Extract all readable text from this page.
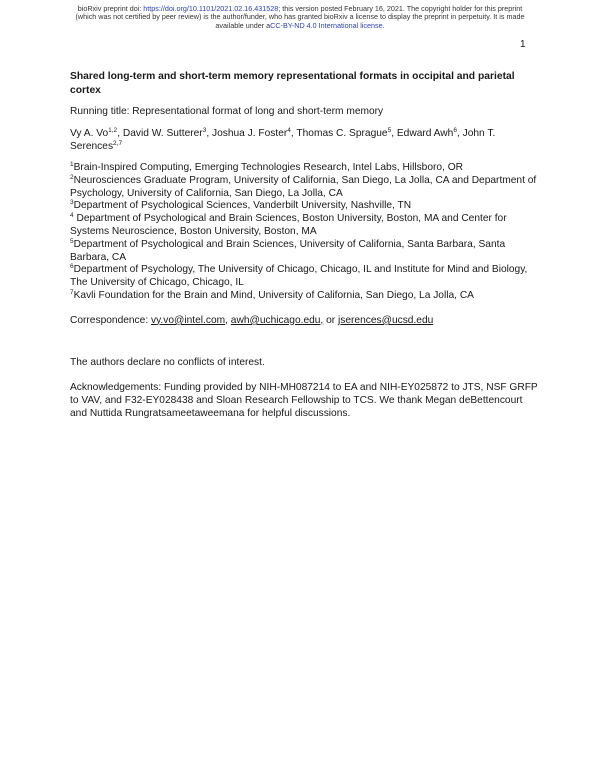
bioRxiv preprint doi: https://doi.org/10.1101/2021.02.16.431528; this version posted February 16, 2021. The copyright holder for this preprint
(which was not certified by peer review) is the author/funder, who has granted bioRxiv a license to display the preprint in perpetuity. It is made
available under aCC-BY-ND 4.0 International license.
1

Shared long-term and short-term memory representational formats in occipital and parietal cortex

Running title: Representational format of long and short-term memory

Vy A. Vo$^{1,2}$, David W. Sutterer$^3$, Joshua J. Foster$^4$, Thomas C. Sprague$^5$, Edward Awh$^6$, John T. Serences$^{2,7}$

$^1$Brain-Inspired Computing, Emerging Technologies Research, Intel Labs, Hillsboro, OR

$^2$Neurosciences Graduate Program, University of California, San Diego, La Jolla, CA and Department of Psychology, University of California, San Diego, La Jolla, CA

$^3$Department of Psychological Sciences, Vanderbilt University, Nashville, TN

$^4$ Department of Psychological and Brain Sciences, Boston University, Boston, MA and Center for Systems Neuroscience, Boston University, Boston, MA

$^5$Department of Psychological and Brain Sciences, University of California, Santa Barbara, Santa Barbara, CA

$^6$Department of Psychology, The University of Chicago, Chicago, IL and Institute for Mind and Biology, The University of Chicago, Chicago, IL

$^7$Kavli Foundation for the Brain and Mind, University of California, San Diego, La Jolla, CA

Correspondence: vy.vo@intel.com, awh@uchicago.edu, or jserences@ucsd.edu

The authors declare no conflicts of interest.

Acknowledgements: Funding provided by NIH-MH087214 to EA and NIH-EY025872 to JTS, NSF GRFP to VAV, and F32-EY028438 and Sloan Research Fellowship to TCS. We thank Megan deBettencourt and Nuttida Rungratsameetaweemana for helpful discussions.
